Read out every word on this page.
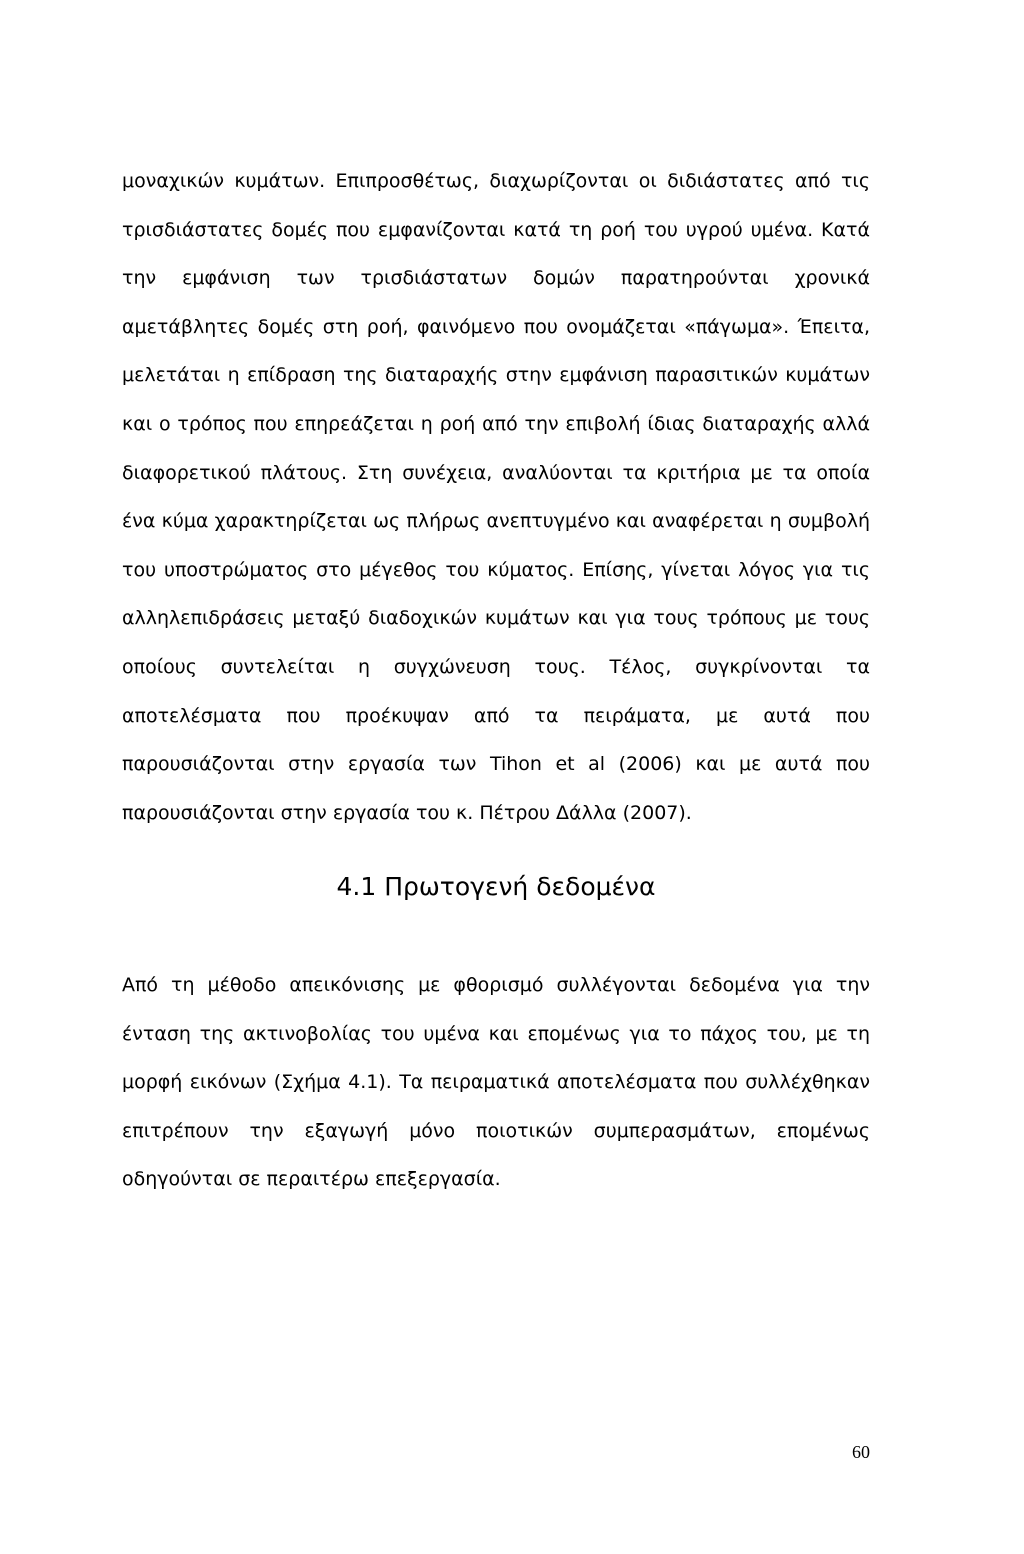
μοναχικών κυμάτων. Επιπροσθέτως, διαχωρίζονται οι διδιάστατες από τις τρισδιάστατες δομές που εμφανίζονται κατά τη ροή του υγρού υμένα. Κατά την εμφάνιση των τρισδιάστατων δομών παρατηρούνται χρονικά αμετάβλητες δομές στη ροή, φαινόμενο που ονομάζεται «πάγωμα». Έπειτα, μελετάται η επίδραση της διαταραχής στην εμφάνιση παρασιτικών κυμάτων και ο τρόπος που επηρεάζεται η ροή από την επιβολή ίδιας διαταραχής αλλά διαφορετικού πλάτους. Στη συνέχεια, αναλύονται τα κριτήρια με τα οποία ένα κύμα χαρακτηρίζεται ως πλήρως ανεπτυγμένο και αναφέρεται η συμβολή του υποστρώματος στο μέγεθος του κύματος. Επίσης, γίνεται λόγος για τις αλληλεπιδράσεις μεταξύ διαδοχικών κυμάτων και για τους τρόπους με τους οποίους συντελείται η συγχώνευση τους. Τέλος, συγκρίνονται τα αποτελέσματα που προέκυψαν από τα πειράματα, με αυτά που παρουσιάζονται στην εργασία των Tihon et al (2006) και με αυτά που παρουσιάζονται στην εργασία του κ. Πέτρου Δάλλα (2007).

4.1 Πρωτογενή δεδομένα

Από τη μέθοδο απεικόνισης με φθορισμό συλλέγονται δεδομένα για την ένταση της ακτινοβολίας του υμένα και επομένως για το πάχος του, με τη μορφή εικόνων (Σχήμα 4.1). Τα πειραματικά αποτελέσματα που συλλέχθηκαν επιτρέπουν την εξαγωγή μόνο ποιοτικών συμπερασμάτων, επομένως οδηγούνται σε περαιτέρω επεξεργασία.

60
